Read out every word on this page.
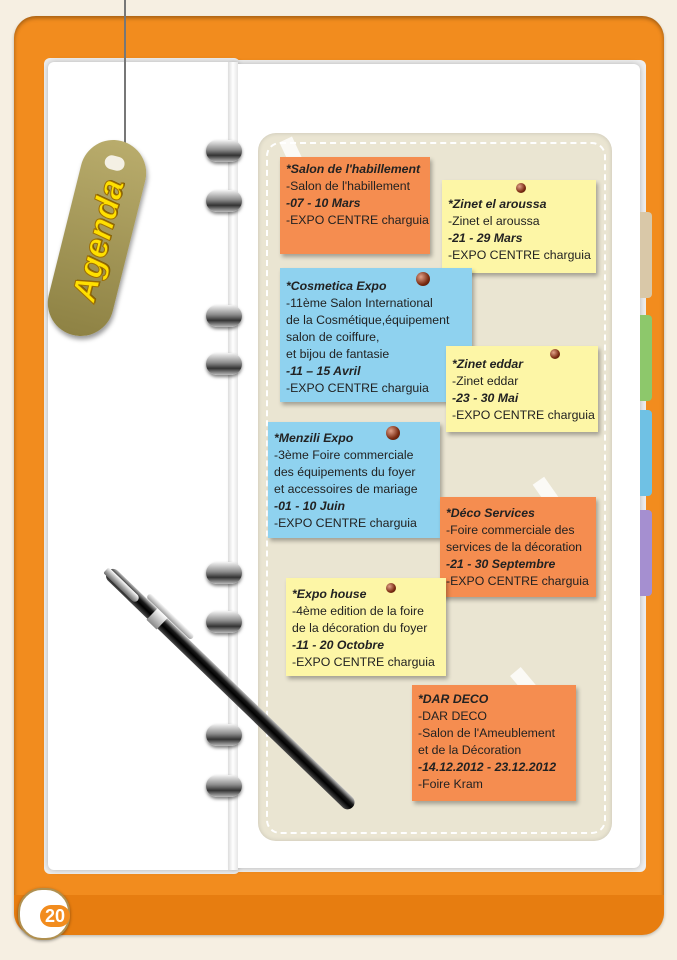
Agenda
*Salon de l'habillement
-Salon de l'habillement
-07 - 10 Mars
-EXPO CENTRE charguia
*Zinet el aroussa
-Zinet el aroussa
-21 - 29 Mars
-EXPO CENTRE charguia
*Cosmetica Expo
-11ème Salon International
de la Cosmétique,équipement
salon de coiffure,
et bijou de fantasie
-11 – 15 Avril
-EXPO CENTRE charguia
*Zinet eddar
-Zinet eddar
-23 - 30 Mai
-EXPO CENTRE charguia
*Menzili Expo
-3ème Foire commerciale
des équipements du foyer
et accessoires de mariage
-01 - 10 Juin
-EXPO CENTRE charguia
*Déco Services
-Foire commerciale des
services de la décoration
-21 - 30 Septembre
-EXPO CENTRE charguia
*Expo house
-4ème edition de la foire
de la décoration du foyer
-11 - 20 Octobre
-EXPO CENTRE charguia
*DAR DECO
-DAR DECO
-Salon de l'Ameublement
et de la Décoration
-14.12.2012 - 23.12.2012
-Foire Kram
20
